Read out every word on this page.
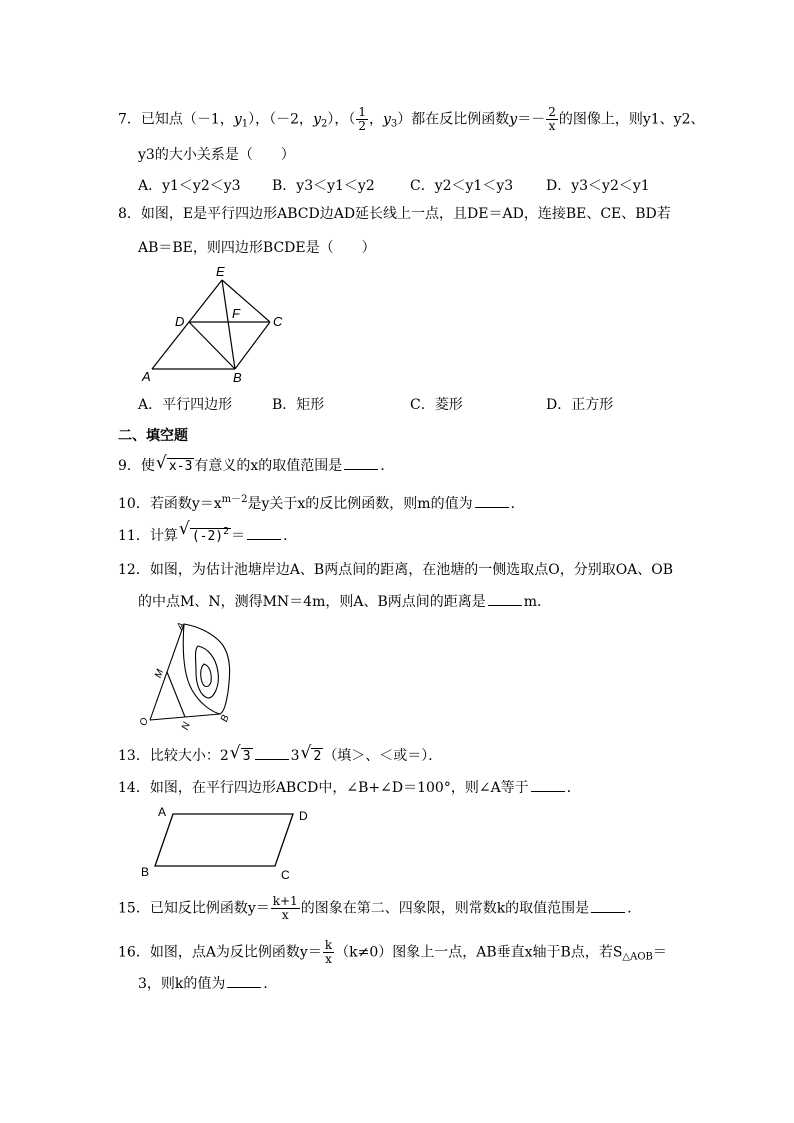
7．已知点（－1，$y_1$），（－2，$y_2$），（ $\frac{1}{2}$ ，$y_3$）都在反比例函数$y=- \frac{2}{x}$ 的图像上，则y1、y2、
y3的大小关系是（　　）
A．y1＜y2＜y3 B．y3＜y1＜y2	C．y2＜y1＜y3 D．y3＜y2＜y1
8．如图，E是平行四边形ABCD边AD延长线上一点，且DE＝AD，连接BE、CE、BD若
AB＝BE，则四边形BCDE是（　　）
E
D
F
C
A	B
A．平行四边形	B．矩形	C．菱形	D．正方形
二、填空题
9．使 √ x-3 有意义的x的取值范围是	．
10．若函数$y=x^{m-2}$是y关于x的反比例函数，则m的值为	．
11．计算 √ $(-2)^2$ ＝	．
12．如图，为估计池塘岸边A、B两点间的距离，在池塘的一侧选取点O，分别取OA、OB
的中点M、N，测得MN＝4m，则A、B两点间的距离是	m．
A
M
O	N
B
13．比较大小：2 √ 3	3 √ 2 （填＞、＜或＝）．
14．如图，在平行四边形ABCD中，∠B+∠D＝100°，则∠A等于	．
A	D
B	C
15．已知反比例函数$y= \frac{k+1}{x}$ 的图象在第二、四象限，则常数k的取值范围是	．
16．如图，点A为反比例函数$y= \frac{k}{x} (k\ne 0)$图象上一点，AB垂直x轴于B点，若$S_{\triangle AOB}=$
3，则k的值为	．
